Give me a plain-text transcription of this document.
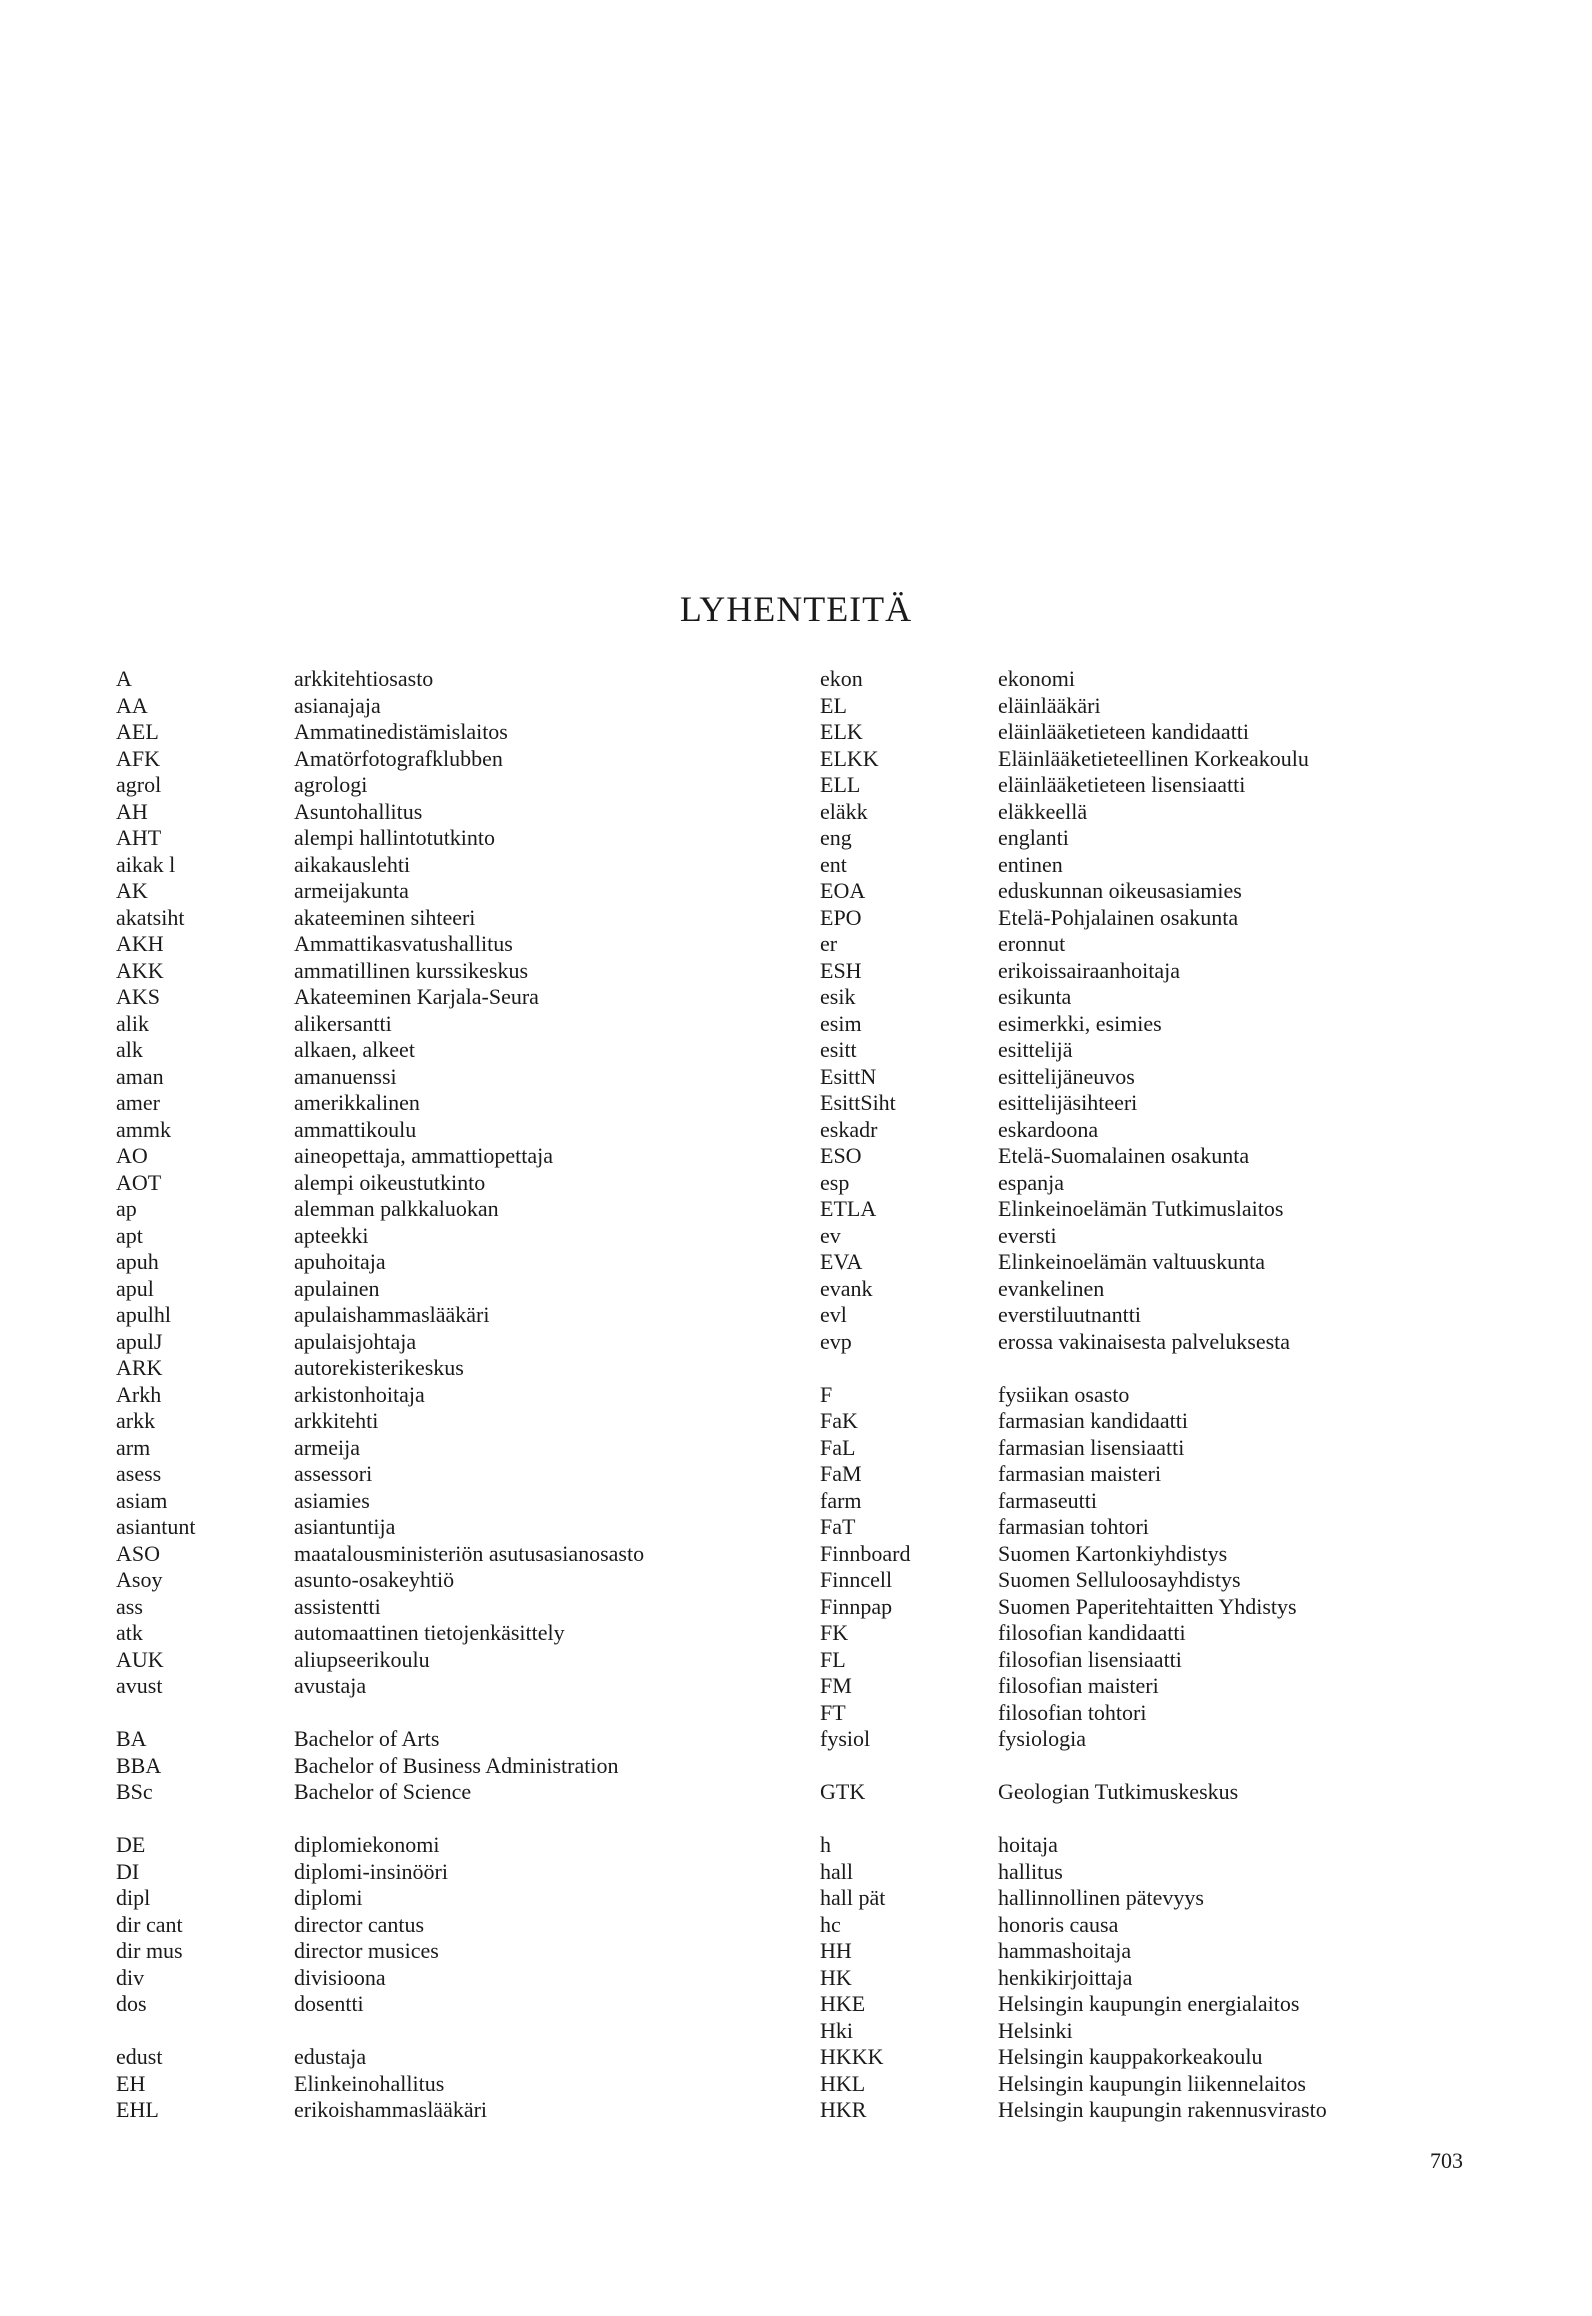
LYHENTEITÄ
A	arkkitehtiosasto
AA	asianajaja
AEL	Ammatinedistämislaitos
AFK	Amatörfotografklubben
agrol	agrologi
AH	Asuntohallitus
AHT	alempi hallintotutkinto
aikak l	aikakauslehti
AK	armeijakunta
akatsiht	akateeminen sihteeri
AKH	Ammattikasvatushallitus
AKK	ammatillinen kurssikeskus
AKS	Akateeminen Karjala-Seura
alik	alikersantti
alk	alkaen, alkeet
aman	amanuenssi
amer	amerikkalinen
ammk	ammattikoulu
AO	aineopettaja, ammattiopettaja
AOT	alempi oikeustutkinto
ap	alemman palkkaluokan
apt	apteekki
apuh	apuhoitaja
apul	apulainen
apulhl	apulaishammaslääkäri
apulJ	apulaisjohtaja
ARK	autorekisterikeskus
Arkh	arkistonhoitaja
arkk	arkkitehti
arm	armeija
asess	assessori
asiam	asiamies
asiantunt	asiantuntija
ASO	maatalousministeriön asutusasianosasto
Asoy	asunto-osakeyhtiö
ass	assistentti
atk	automaattinen tietojenkäsittely
AUK	aliupseerikoulu
avust	avustaja
BA	Bachelor of Arts
BBA	Bachelor of Business Administration
BSc	Bachelor of Science
DE	diplomiekonomi
DI	diplomi-insinööri
dipl	diplomi
dir cant	director cantus
dir mus	director musices
div	divisioona
dos	dosentti
edust	edustaja
EH	Elinkeinohallitus
EHL	erikoishammaslääkäri
ekon	ekonomi
EL	eläinlääkäri
ELK	eläinlääketieteen kandidaatti
ELKK	Eläinlääketieteellinen Korkeakoulu
ELL	eläinlääketieteen lisensiaatti
eläkk	eläkkeellä
eng	englanti
ent	entinen
EOA	eduskunnan oikeusasiamies
EPO	Etelä-Pohjalainen osakunta
er	eronnut
ESH	erikoissairaanhoitaja
esik	esikunta
esim	esimerkki, esimies
esitt	esittelijä
EsittN	esittelijäneuvos
EsittSiht	esittelijäsihteeri
eskadr	eskardoona
ESO	Etelä-Suomalainen osakunta
esp	espanja
ETLA	Elinkeinoelämän Tutkimuslaitos
ev	eversti
EVA	Elinkeinoelämän valtuuskunta
evank	evankelinen
evl	everstiluutnantti
evp	erossa vakinaisesta palveluksesta
F	fysiikan osasto
FaK	farmasian kandidaatti
FaL	farmasian lisensiaatti
FaM	farmasian maisteri
farm	farmaseutti
FaT	farmasian tohtori
Finnboard	Suomen Kartonkiyhdistys
Finncell	Suomen Selluloosayhdistys
Finnpap	Suomen Paperitehtaitten Yhdistys
FK	filosofian kandidaatti
FL	filosofian lisensiaatti
FM	filosofian maisteri
FT	filosofian tohtori
fysiol	fysiologia
GTK	Geologian Tutkimuskeskus
h	hoitaja
hall	hallitus
hall pät	hallinnollinen pätevyys
hc	honoris causa
HH	hammashoitaja
HK	henkikirjoittaja
HKE	Helsingin kaupungin energialaitos
Hki	Helsinki
HKKK	Helsingin kauppakorkeakoulu
HKL	Helsingin kaupungin liikennelaitos
HKR	Helsingin kaupungin rakennusvirasto
703
